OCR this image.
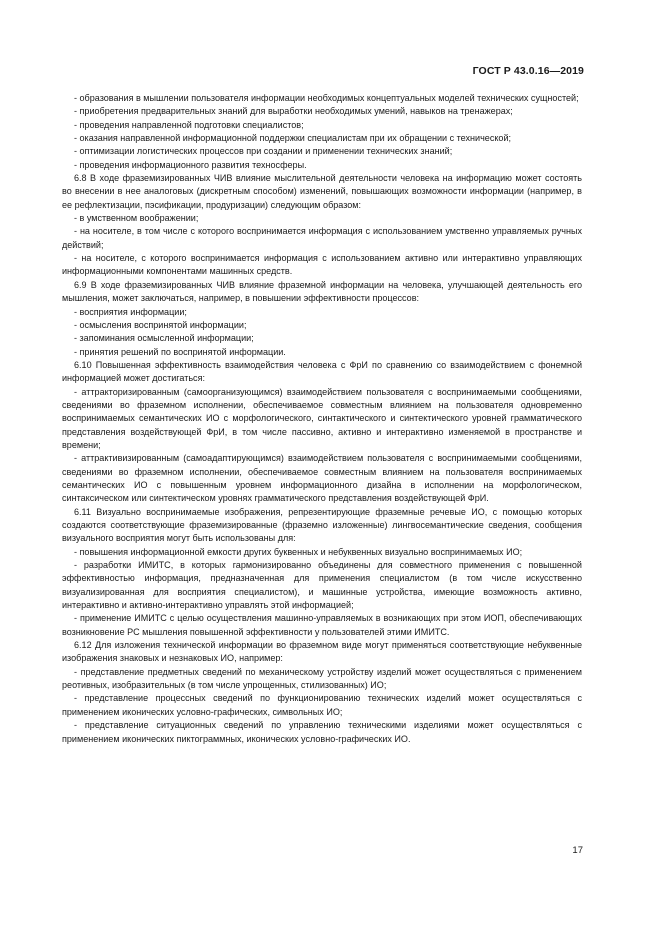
ГОСТ Р 43.0.16—2019

- образования в мышлении пользователя информации необходимых концептуальных моделей технических сущностей;

- приобретения предварительных знаний для выработки необходимых умений, навыков на тренажерах;

- проведения направленной подготовки специалистов;

- оказания направленной информационной поддержки специалистам при их обращении с технической;

- оптимизации логистических процессов при создании и применении технических знаний;

- проведения информационного развития техносферы.

6.8 В ходе фраземизированных ЧИВ влияние мыслительной деятельности человека на информацию может состоять во внесении в нее аналоговых (дискретным способом) изменений, повышающих возможности информации (например, в ее рефлектизации, пэсификации, продуризации) следующим образом:

- в умственном воображении;

- на носителе, в том числе с которого воспринимается информация с использованием умственно управляемых ручных действий;

- на носителе, с которого воспринимается информация с использованием активно или интерактивно управляющих информационными компонентами машинных средств.

6.9 В ходе фраземизированных ЧИВ влияние фраземной информации на человека, улучшающей деятельность его мышления, может заключаться, например, в повышении эффективности процессов:

- восприятия информации;

- осмысления воспринятой информации;

- запоминания осмысленной информации;

- принятия решений по воспринятой информации.

6.10 Повышенная эффективность взаимодействия человека с ФрИ по сравнению со взаимодействием с фонемной информацией может достигаться:

- аттракторизированным (самоорганизующимся) взаимодействием пользователя с воспринимаемыми сообщениями, сведениями во фраземном исполнении, обеспечиваемое совместным влиянием на пользователя одновременно воспринимаемых семантических ИО с морфологического, синтактического и синтектического уровней грамматического представления воздействующей ФрИ, в том числе пассивно, активно и интерактивно изменяемой в пространстве и времени;

- аттрактивизированным (самоадаптирующимся) взаимодействием пользователя с воспринимаемыми сообщениями, сведениями во фраземном исполнении, обеспечиваемое совместным влиянием на пользователя воспринимаемых семантических ИО с повышенным уровнем информационного дизайна в исполнении на морфологическом, синтаксическом или синтектическом уровнях грамматического представления воздействующей ФрИ.

6.11 Визуально воспринимаемые изображения, репрезентирующие фраземные речевые ИО, с помощью которых создаются соответствующие фраземизированные (фраземно изложенные) лингвосемантические сведения, сообщения визуального восприятия могут быть использованы для:

- повышения информационной емкости других буквенных и небуквенных визуально воспринимаемых ИО;

- разработки ИМИТС, в которых гармонизированно объединены для совместного применения с повышенной эффективностью информация, предназначенная для применения специалистом (в том числе искусственно визуализированная для восприятия специалистом), и машинные устройства, имеющие возможность активно, интерактивно и активно-интерактивно управлять этой информацией;

- применение ИМИТС с целью осуществления машинно-управляемых в возникающих при этом ИОП, обеспечивающих возникновение РС мышления повышенной эффективности у пользователей этими ИМИТС.

6.12 Для изложения технической информации во фраземном виде могут применяться соответствующие небуквенные изображения знаковых и незнаковых ИО, например:

- представление предметных сведений по механическому устройству изделий может осуществляться с применением реотивных, изобразительных (в том числе упрощенных, стилизованных) ИО;

- представление процессных сведений по функционированию технических изделий может осуществляться с применением иконических условно-графических, символьных ИО;

- представление ситуационных сведений по управлению техническими изделиями может осуществляться с применением иконических пиктограммных, иконических условно-графических ИО.

17
